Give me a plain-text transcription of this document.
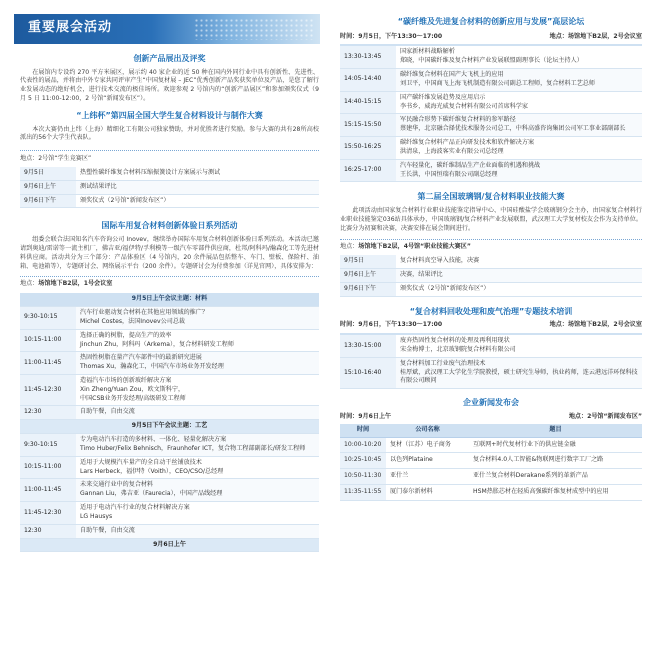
重要展会活动
创新产品展出及评奖
在展馆内专设约 270 平方米展区，展示约 40 家企业的近 50 种在国内外同行业中具有创新性、先进性、代表性的展品，并将由中外专家共同评审产生“中国复材展 – JEC”优秀创新产品奖获奖单位及产品，是您了解行业发展动态的绝好机会，进行技术交流的极佳场所。欢迎参观 2 号馆内的“创新产品展区”和参加颁奖仪式（9 月 5 日 11:00-12:00，2 号馆“新闻发布区”）。
“上纬杯”第四届全国大学生复合材料设计与制作大赛
本次大赛仍由上纬（上海）精细化工有限公司独家赞助，并对优胜者进行奖励。参与大赛的共有28所高校派出的56个大学生代表队。
地点：2号馆“学生竞赛区”
9月5日	热塑性碳纤维复合材料压缩振簧设计方案展示与测试
9月6日上午	测试结果评比
9月6日下午	颁奖仪式（2号馆“新闻发布区”）
国际车用复合材料创新体验日系列活动
组委会联合法国知名汽车咨询公司 Inovev，继续举办国际车用复合材料创新体验日系列活动。本活动已邀请到奥迪/雷诺等一流主机厂，佛吉亚/福伊特/孚利模等一级汽车零部件供应商，杜邦/阿科玛/瀚森化工等先进材料供应商。活动共分为三个部分：产品体验区（4 号馆内，20 余件展品包括整车、车门、壁板、保险杆、油箱、电池箱等），专题研讨会、网络展示平台（200 余件）。专题研讨会为付费参加（详见官网），具体安排为：
地点：场馆地下B2层，1号会议室
9月5日上午会议主题：材料	
9:30-10:15	汽车行业驱动复合材料在其他应用领域的推广？
Michel Costes，法国Inovev公司总裁
10:15-11:00	选择正确的树脂，提高生产的效率
Jinchun Zhu，阿科玛（Arkema），复合材料研发工程师
11:00-11:45	热固性树脂在量产汽车部件中的最新研究进展
Thomas Xu，瀚森化工，中国汽车市场业务开发经理
11:45-12:30	造福汽车市场的创新玻纤解决方案
Xin Zheng/Yuan Zou，欧文斯科宁，
中国CSB业务开发经理/高级研发工程师
12:30	自助午餐，自由交流
9月5日下午会议主题：工艺	
9:30-10:15	专为电动汽车打造的多材料、一体化、轻量化解决方案
Timo Huber/Felix Behnisch，Fraunhofer ICT，复合物工程部副部长/研发工程师
10:15-11:00	适用于大规模汽车量产的全自动干丝铺放技术
Lars Herbeck，福伊特（Voith），CEO/CSO/总经理
11:00-11:45	未来交通行业中的复合材料
Gannan Liu，弗吉亚（Faurecia），中国产品线经理
11:45-12:30	适用于电动汽车行业的复合材料解决方案
LG Hausys
12:30	自助午餐，自由交流
9月6日上午	
“碳纤维及先进复合材料的创新应用与发展”高层论坛
时间：9月5日，下午13:30～17:00	地点：场馆地下B2层，2号会议室
13:30-13:45	国家新材料战略解析
郑晓，中国碳纤维及复合材料产业发展联盟副理事长（论坛主持人）
14:05-14:40	碳纤维复合材料在国产大飞机上的应用
刘卫平，中国商飞上海飞机制造有限公司副总工程师，复合材料工艺总师
14:40-15:15	国产碳纤维发展趋势及应用启示
李书乡，威海光威复合材料有限公司首席科学家
15:15-15:50	军民融合形势下碳纤维复合材料的参军路径
蔡建华，北京融合择优技术服务公司总工，中科高盛咨询集团公司军工事业部副部长
15:50-16:25	碳纤维复合材料产品正向研发技术和软件解决方案
洪清泉，上海波客实业有限公司总经理
16:25-17:00	汽车轻量化，碳纤维制品生产企业面临的机遇和挑战
王长洪，中国恒瑞有限公司副总经理
第二届全国玻璃钢/复合材料职业技能大赛
此项活动由国家复合材料行业职业技能鉴定指导中心、中国硅酸盐学会玻璃钢分会主办，由国家复合材料行业职业技能鉴定036站具体承办，中国玻璃钢/复合材料产业发展联盟，武汉理工大学复材校友会作为支持单位。比赛分为初赛和决赛，决赛安排在展会期间进行。
地点：场馆地下B2层，4号馆“职业技能大赛区”
9月5日	复合材料真空导入技能，决赛
9月6日上午	决赛，结果评比
9月6日下午	颁奖仪式（2号馆“新闻发布区”）
“复合材料回收处理和废气治理”专题技术培训
时间：9月6日，下午13:30～17:00	地点：场馆地下B2层，2号会议室
13:30-15:00	废弃热固性复合材料的处理及再利用现状
宋金梅博士，北京玻钢院复合材料有限公司
15:10-16:40	复合材料加工行业废气治理技术
桂厚斌，武汉理工大学化生学院教授，硕士研究生导师，执业药师，连云港远洋环保科技有限公司顾问
企业新闻发布会
时间：9月6日上午	地点：2号馆“新闻发布区”
时间	公司名称	题目
10:00-10:20	复材（江苏）电子商务	互联网+时代复材行业下的供应链金融
10:25-10:45	以色列Plataine	复合材料4.0人工智能&物联网进行数字工厂之路
10:50-11:30	亚什兰	亚什兰复合材料Derakane系列的革新产品
11:35-11:55	厦门泰尔新材料	HSM热胀芯材在轻质高强碳纤维复材成型中的应用
